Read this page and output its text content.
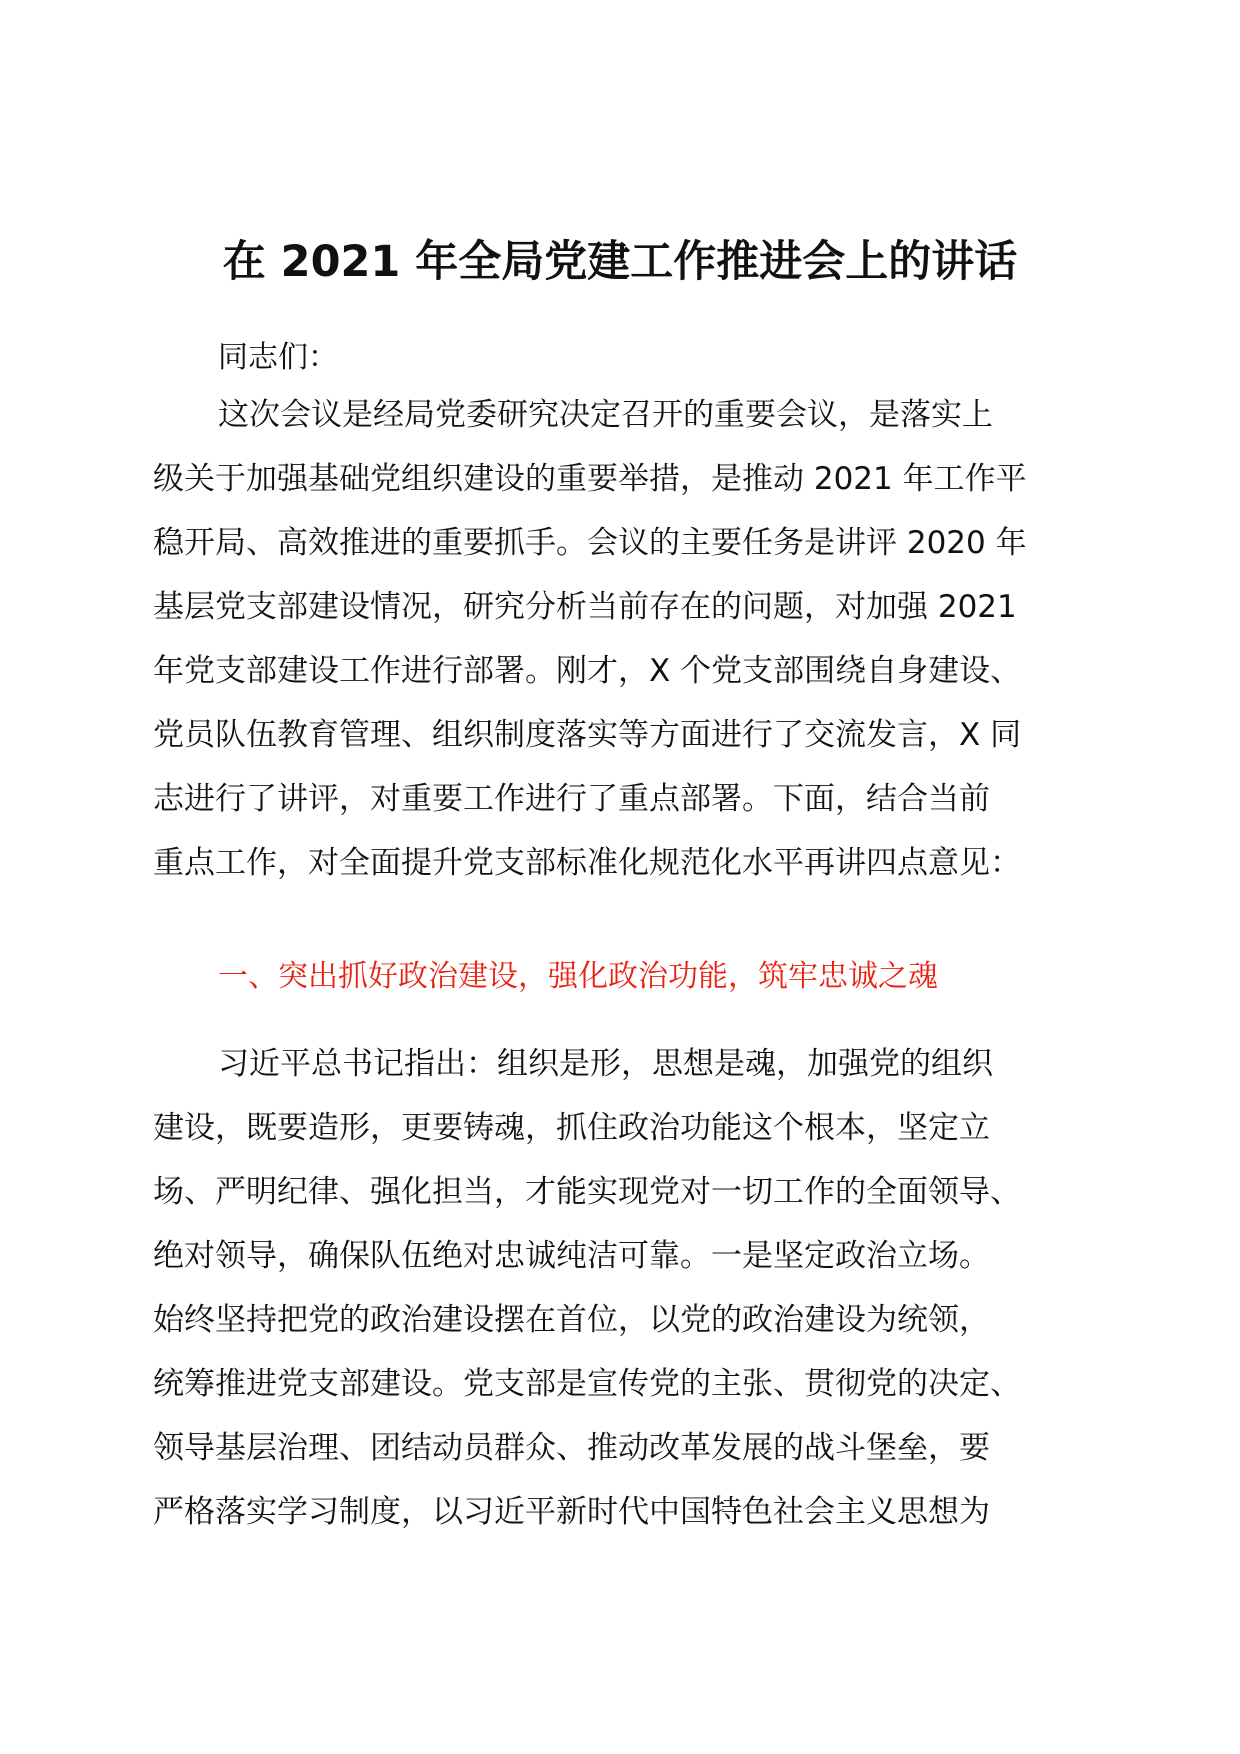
在 2021 年全局党建工作推进会上的讲话
同志们：
这次会议是经局党委研究决定召开的重要会议，是落实上
级关于加强基础党组织建设的重要举措，是推动 2021 年工作平
稳开局、高效推进的重要抓手。会议的主要任务是讲评 2020 年
基层党支部建设情况，研究分析当前存在的问题，对加强 2021
年党支部建设工作进行部署。刚才，X 个党支部围绕自身建设、
党员队伍教育管理、组织制度落实等方面进行了交流发言，X 同
志进行了讲评，对重要工作进行了重点部署。下面，结合当前
重点工作，对全面提升党支部标准化规范化水平再讲四点意见：
一、突出抓好政治建设，强化政治功能，筑牢忠诚之魂
习近平总书记指出：组织是形，思想是魂，加强党的组织
建设，既要造形，更要铸魂，抓住政治功能这个根本，坚定立
场、严明纪律、强化担当，才能实现党对一切工作的全面领导、
绝对领导，确保队伍绝对忠诚纯洁可靠。一是坚定政治立场。
始终坚持把党的政治建设摆在首位，以党的政治建设为统领，
统筹推进党支部建设。党支部是宣传党的主张、贯彻党的决定、
领导基层治理、团结动员群众、推动改革发展的战斗堡垒，要
严格落实学习制度，以习近平新时代中国特色社会主义思想为
